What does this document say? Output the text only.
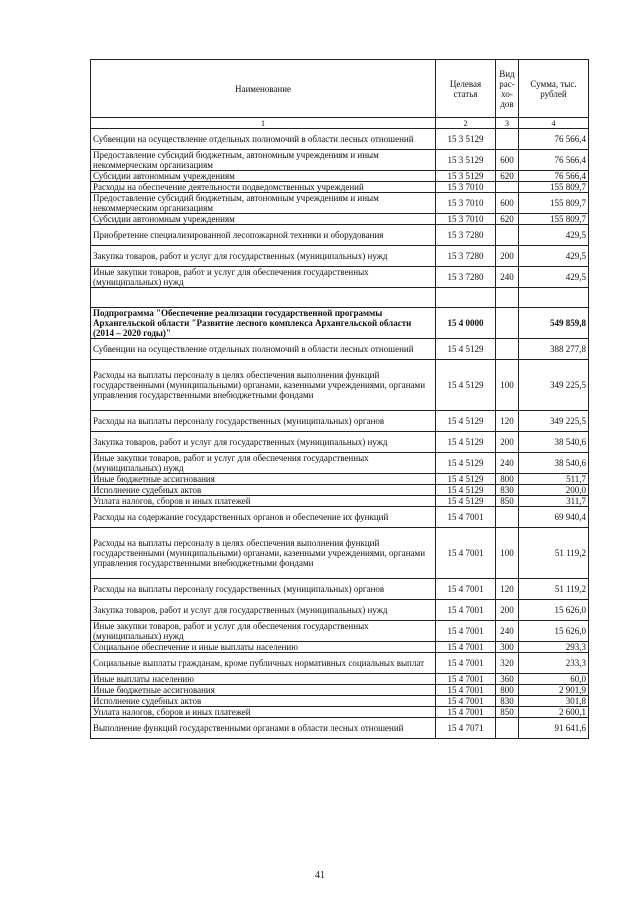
Наименование	Целевая статья	Вид рас-хо-дов	Сумма, тыс. рублей
1	2	3	4
Субвенции на осуществление отдельных полномочий в области лесных отношений	15 3 5129		76 566,4
Предоставление субсидий бюджетным, автономным учреждениям и иным некоммерческим организациям	15 3 5129	600	76 566,4
Субсидии автономным учреждениям	15 3 5129	620	76 566,4
Расходы на обеспечение деятельности подведомственных учреждений	15 3 7010		155 809,7
Предоставление субсидий бюджетным, автономным учреждениям и иным некоммерческим организациям	15 3 7010	600	155 809,7
Субсидии автономным учреждениям	15 3 7010	620	155 809,7
Приобретение специализированной лесопожарной техники и оборудования	15 3 7280		429,5
Закупка товаров, работ и услуг для государственных (муниципальных) нужд	15 3 7280	200	429,5
Иные закупки товаров, работ и услуг для обеспечения государственных (муниципальных) нужд	15 3 7280	240	429,5

Подпрограмма "Обеспечение реализации государственной программы Архангельской области "Развитие лесного комплекса Архангельской области (2014 – 2020 годы)"	15 4 0000		549 859,8
Субвенции на осуществление отдельных полномочий в области лесных отношений	15 4 5129		388 277,8
Расходы на выплаты персоналу в целях обеспечения выполнения функций государственными (муниципальными) органами, казенными учреждениями, органами управления государственными внебюджетными фондами	15 4 5129	100	349 225,5
Расходы на выплаты персоналу государственных (муниципальных) органов	15 4 5129	120	349 225,5
Закупка товаров, работ и услуг для государственных (муниципальных) нужд	15 4 5129	200	38 540,6
Иные закупки товаров, работ и услуг для обеспечения государственных (муниципальных) нужд	15 4 5129	240	38 540,6
Иные бюджетные ассигнования	15 4 5129	800	511,7
Исполнение судебных актов	15 4 5129	830	200,0
Уплата налогов, сборов и иных платежей	15 4 5129	850	311,7
Расходы на содержание государственных органов и обеспечение их функций	15 4 7001		69 940,4
Расходы на выплаты персоналу в целях обеспечения выполнения функций государственными (муниципальными) органами, казенными учреждениями, органами управления государственными внебюджетными фондами	15 4 7001	100	51 119,2
Расходы на выплаты персоналу государственных (муниципальных) органов	15 4 7001	120	51 119,2
Закупка товаров, работ и услуг для государственных (муниципальных) нужд	15 4 7001	200	15 626,0
Иные закупки товаров, работ и услуг для обеспечения государственных (муниципальных) нужд	15 4 7001	240	15 626,0
Социальное обеспечение и иные выплаты населению	15 4 7001	300	293,3
Социальные выплаты гражданам, кроме публичных нормативных социальных выплат	15 4 7001	320	233,3
Иные выплаты населению	15 4 7001	360	60,0
Иные бюджетные ассигнования	15 4 7001	800	2 901,9
Исполнение судебных актов	15 4 7001	830	301,8
Уплата налогов, сборов и иных платежей	15 4 7001	850	2 600,1
Выполнение функций государственными органами в области лесных отношений	15 4 7071		91 641,6
41
